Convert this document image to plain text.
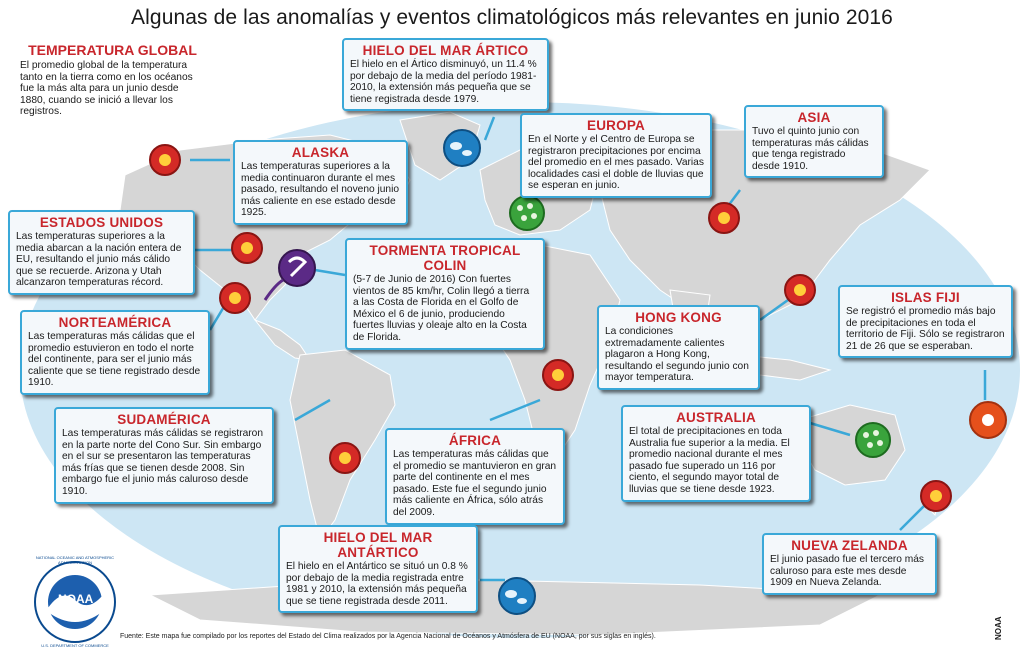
Algunas de las anomalías y eventos climatológicos más relevantes en junio 2016
TEMPERATURA GLOBAL

El promedio global de la temperatura tanto en la tierra como en los océanos fue la más alta para un junio desde 1880, cuando se inició a llevar los registros.

HIELO DEL MAR ÁRTICO

El hielo en el Ártico disminuyó, un 11.4 % por debajo de la media del período 1981-2010, la extensión más pequeña que se tiene registrada desde 1979.

ALASKA

Las temperaturas superiores a la media continuaron durante el mes pasado, resultando el noveno junio más caliente en ese estado desde 1925.

EUROPA

En el Norte y el Centro de Europa se registraron precipitaciones por encima del promedio en el mes pasado. Varias localidades casi el doble de lluvias que se esperan en junio.

ASIA

Tuvo el quinto junio con temperaturas más cálidas que tenga registrado desde 1910.

ESTADOS UNIDOS

Las temperaturas superiores a la media abarcan a la nación entera de EU, resultando el junio más cálido que se recuerde. Arizona y Utah alcanzaron temperaturas récord.

TORMENTA TROPICAL COLIN

(5-7 de Junio de 2016) Con fuertes vientos de 85 km/hr, Colin llegó a tierra a las Costa de Florida en el Golfo de México el 6 de junio, produciendo fuertes lluvias y oleaje alto en la Costa de Florida.

NORTEAMÉRICA

Las temperaturas más cálidas que el promedio estuvieron en todo el norte del continente, para ser el junio más caliente que se tiene registrado desde 1910.

HONG KONG

La condiciones extremadamente calientes plagaron a Hong Kong, resultando el segundo junio con mayor temperatura.

ISLAS FIJI

Se registró el promedio más bajo de precipitaciones en toda el territorio de Fiji. Sólo se registraron 21 de 26 que se esperaban.

SUDAMÉRICA

Las temperaturas más cálidas se registraron en la parte norte del Cono Sur. Sin embargo en el sur se presentaron las temperaturas más frías que se tienen desde 2008. Sin embargo fue el junio más caluroso desde 1910.

ÁFRICA

Las temperaturas más cálidas que el promedio se mantuvieron en gran parte del continente en el mes pasado. Este fue el segundo junio más caliente en África, sólo atrás del 2009.

AUSTRALIA

El total de precipitaciones en toda Australia fue superior a la media. El promedio nacional durante el mes pasado fue superado un 116 por ciento, el segundo mayor total de lluvias que se tiene desde 1923.

HIELO DEL MAR ANTÁRTICO

El hielo en el Antártico se situó un 0.8 % por debajo de la media registrada entre 1981 y 2010, la extensión más pequeña que se tiene registrada desde 2011.

NUEVA ZELANDA

El junio pasado fue el tercero más caluroso para este mes desde 1909 en Nueva Zelanda.

NOAA
NATIONAL OCEANIC AND ATMOSPHERIC ADMINISTRATION
U.S. DEPARTMENT OF COMMERCE
Fuente: Este mapa fue compilado por los reportes del Estado del Clima realizados por la Agencia Nacional de Océanos y Atmósfera de EU (NOAA, por sus siglas en inglés).	NOAA
